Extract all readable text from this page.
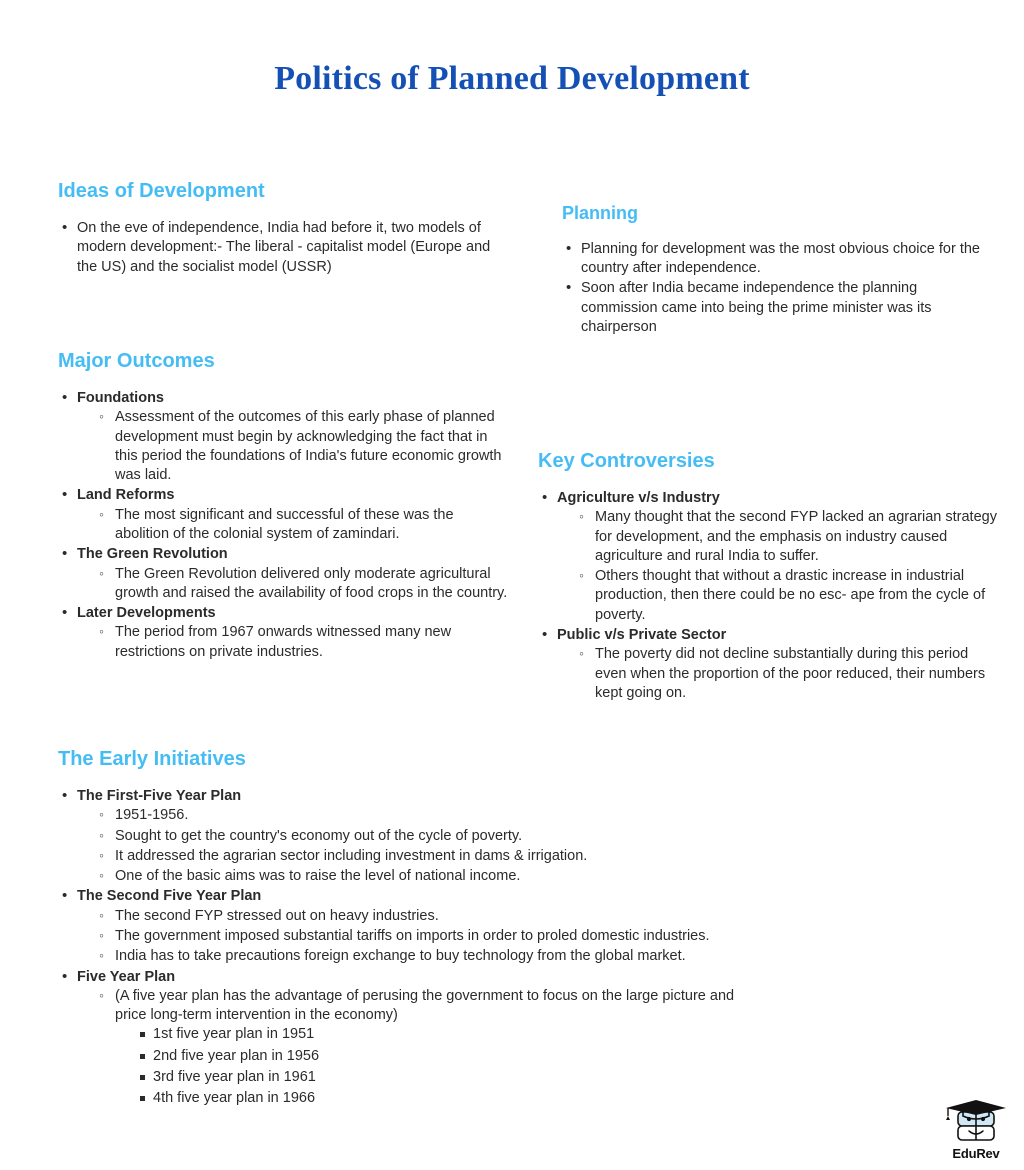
Politics of Planned Development
Ideas of Development
• On the eve of independence, India had before it, two models of modern development:- The liberal - capitalist model (Europe and the US) and the socialist model (USSR)
Planning
• Planning for development was the most obvious choice for the country after independence.
• Soon after India became independence the planning commission came into being the prime minister was its chairperson
Major Outcomes
• Foundations
◦ Assessment of the outcomes of this early phase of planned development must begin by acknowledging the fact that in this period the foundations of India's future economic growth was laid.
• Land Reforms
◦ The most significant and successful of these was the abolition of the colonial system of zamindari.
• The Green Revolution
◦ The Green Revolution delivered only moderate agricultural growth and raised the availability of food crops in the country.
• Later Developments
◦ The period from 1967 onwards witnessed many new restrictions on private industries.
Key Controversies
• Agriculture v/s Industry
◦ Many thought that the second FYP lacked an agrarian strategy for development, and the emphasis on industry caused agriculture and rural India to suffer.
◦ Others thought that without a drastic increase in industrial production, then there could be no esc- ape from the cycle of poverty.
• Public v/s Private Sector
◦ The poverty did not decline substantially during this period even when the proportion of the poor reduced, their numbers kept going on.
The Early Initiatives
• The First-Five Year Plan
◦ 1951-1956.
◦ Sought to get the country's economy out of the cycle of poverty.
◦ It addressed the agrarian sector including investment in dams & irrigation.
◦ One of the basic aims was to raise the level of national income.
• The Second Five Year Plan
◦ The second FYP stressed out on heavy industries.
◦ The government imposed substantial tariffs on imports in order to proled domestic industries.
◦ India has to take precautions foreign exchange to buy technology from the global market.
• Five Year Plan
◦ (A five year plan has the advantage of perusing the government to focus on the large picture and price long-term intervention in the economy)
1st five year plan in 1951
2nd five year plan in 1956
3rd five year plan in 1961
4th five year plan in 1966
EduRev
